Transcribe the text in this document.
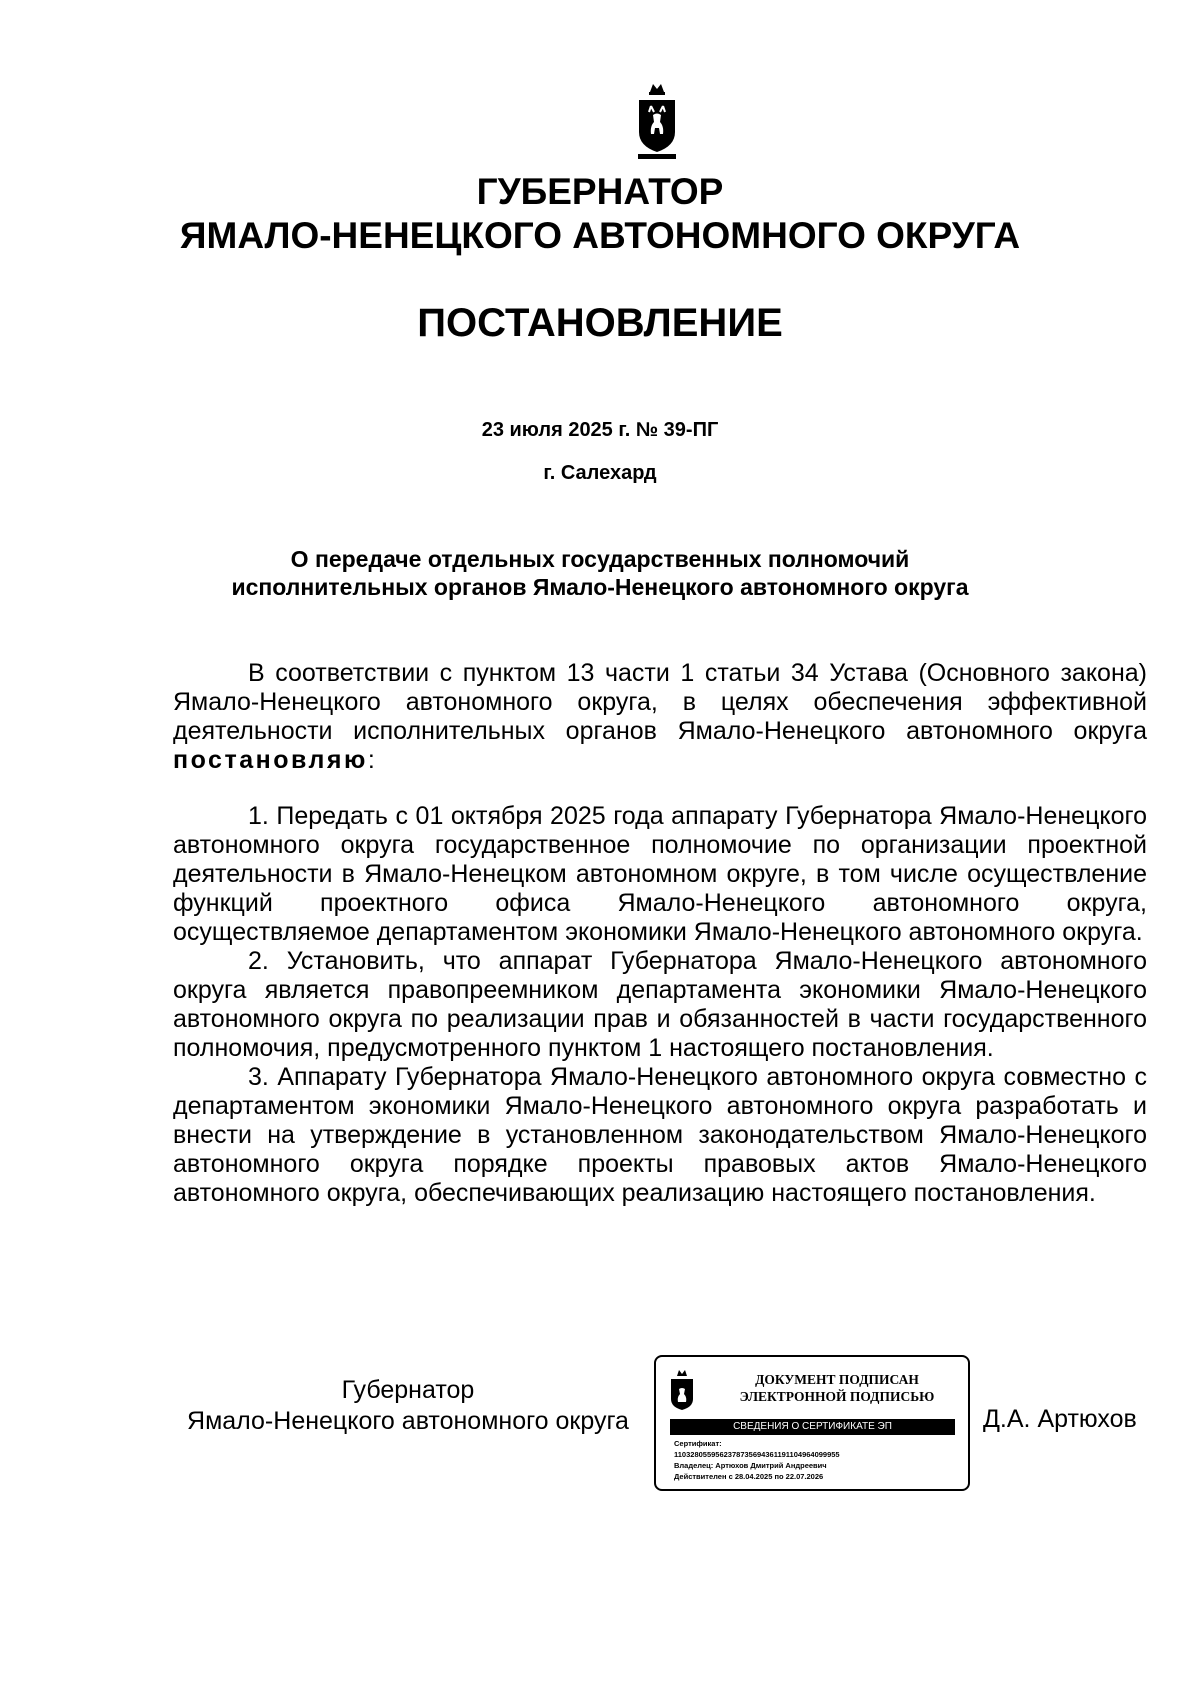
ГУБЕРНАТОР
ЯМАЛО-НЕНЕЦКОГО АВТОНОМНОГО ОКРУГА
ПОСТАНОВЛЕНИЕ
23 июля 2025 г. № 39-ПГ
г. Салехард
О передаче отдельных государственных полномочий
исполнительных органов Ямало-Ненецкого автономного округа

В соответствии с пунктом 13 части 1 статьи 34 Устава (Основного закона) Ямало-Ненецкого автономного округа, в целях обеспечения эффективной деятельности исполнительных органов Ямало-Ненецкого автономного округа постановляю:

1. Передать с 01 октября 2025 года аппарату Губернатора Ямало-Ненецкого автономного округа государственное полномочие по организации проектной деятельности в Ямало-Ненецком автономном округе, в том числе осуществление функций проектного офиса Ямало-Ненецкого автономного округа, осуществляемое департаментом экономики Ямало-Ненецкого автономного округа.

2. Установить, что аппарат Губернатора Ямало-Ненецкого автономного округа является правопреемником департамента экономики Ямало-Ненецкого автономного округа по реализации прав и обязанностей в части государственного полномочия, предусмотренного пунктом 1 настоящего постановления.

3. Аппарату Губернатора Ямало-Ненецкого автономного округа совместно с департаментом экономики Ямало-Ненецкого автономного округа разработать и внести на утверждение в установленном законодательством Ямало-Ненецкого автономного округа порядке проекты правовых актов Ямало-Ненецкого автономного округа, обеспечивающих реализацию настоящего постановления.

Губернатор
Ямало-Ненецкого автономного округа
ДОКУМЕНТ ПОДПИСАН
ЭЛЕКТРОННОЙ ПОДПИСЬЮ
СВЕДЕНИЯ О СЕРТИФИКАТЕ ЭП
Сертификат:
1103280559562378735694361191104964099955
Владелец: Артюхов Дмитрий Андреевич
Действителен с 28.04.2025 по 22.07.2026
Д.А. Артюхов
